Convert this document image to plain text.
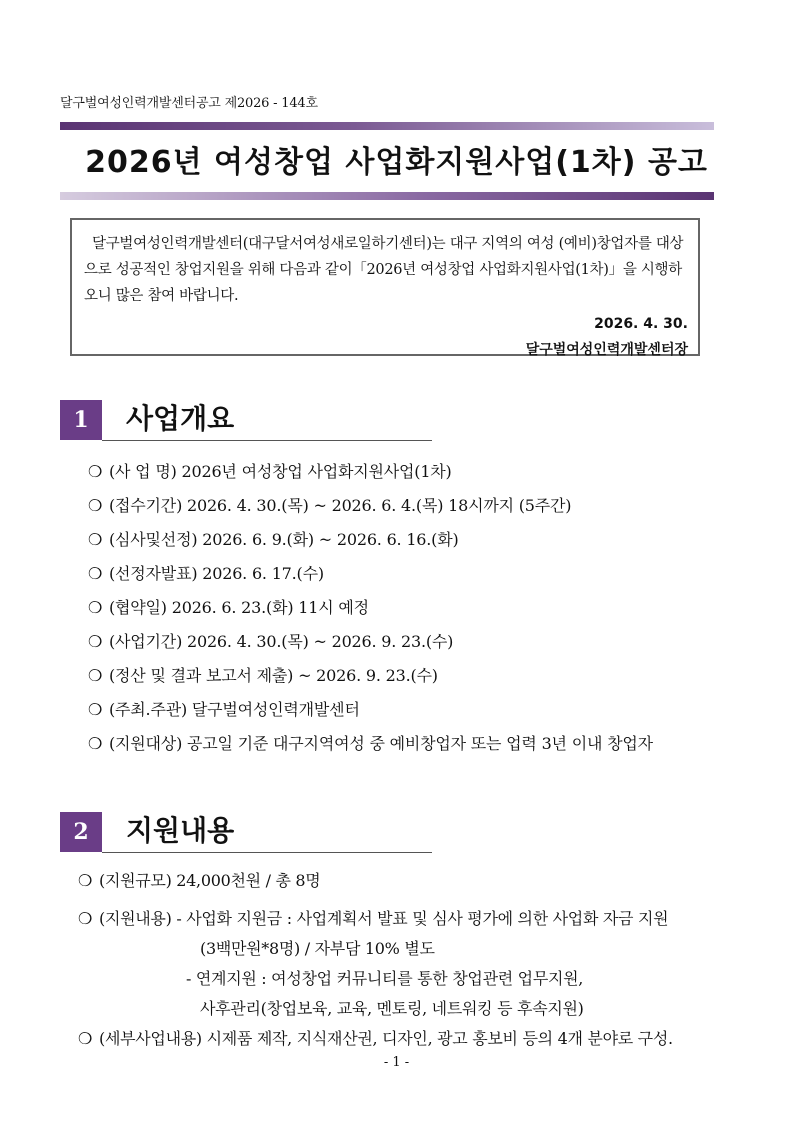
달구벌여성인력개발센터공고 제2026 - 144호
2026년 여성창업 사업화지원사업(1차) 공고
달구벌여성인력개발센터(대구달서여성새로일하기센터)는 대구 지역의 여성 (예비)창업자를 대상으로 성공적인 창업지원을 위해 다음과 같이「2026년 여성창업 사업화지원사업(1차)」을 시행하오니 많은 참여 바랍니다.
2026. 4. 30.
달구벌여성인력개발센터장
1	사업개요
❍ (사 업 명) 2026년 여성창업 사업화지원사업(1차)
❍ (접수기간) 2026. 4. 30.(목) ~ 2026. 6. 4.(목) 18시까지 (5주간)
❍ (심사및선정) 2026. 6. 9.(화) ~ 2026. 6. 16.(화)
❍ (선정자발표) 2026. 6. 17.(수)
❍ (협약일) 2026. 6. 23.(화) 11시 예정
❍ (사업기간) 2026. 4. 30.(목) ~ 2026. 9. 23.(수)
❍ (정산 및 결과 보고서 제출) ~ 2026. 9. 23.(수)
❍ (주최.주관) 달구벌여성인력개발센터
❍ (지원대상) 공고일 기준 대구지역여성 중 예비창업자 또는 업력 3년 이내 창업자
2	지원내용
❍ (지원규모) 24,000천원 / 총 8명
❍ (지원내용) - 사업화 지원금 : 사업계획서 발표 및 심사 평가에 의한 사업화 자금 지원
(3백만원*8명) / 자부담 10% 별도
- 연계지원 : 여성창업 커뮤니티를 통한 창업관련 업무지원,
사후관리(창업보육, 교육, 멘토링, 네트워킹 등 후속지원)
❍ (세부사업내용) 시제품 제작, 지식재산권, 디자인, 광고 홍보비 등의 4개 분야로 구성.
- 1 -
